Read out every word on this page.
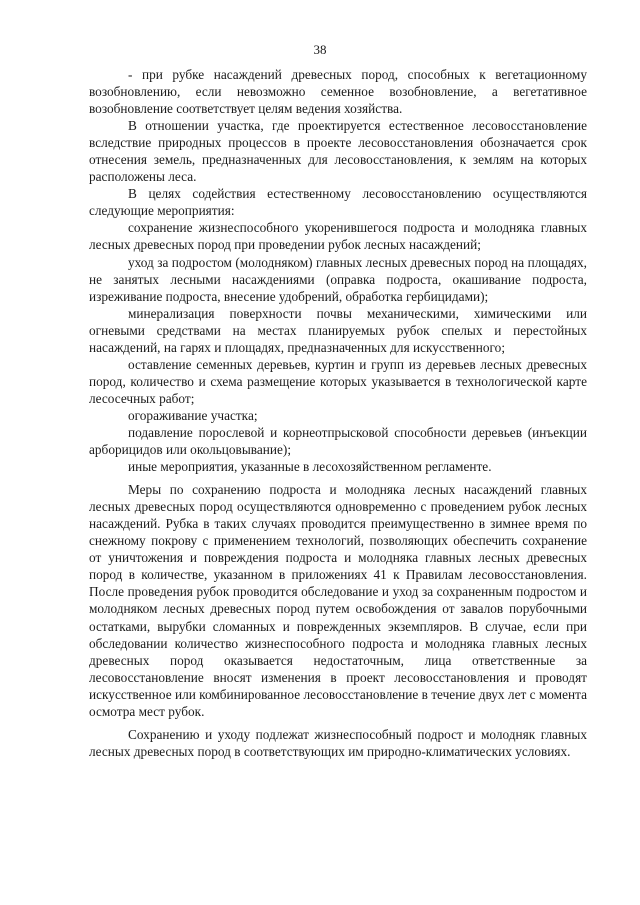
38

- при рубке насаждений древесных пород, способных к вегетационному возобновлению, если невозможно семенное возобновление, а вегетативное возобновление соответствует целям ведения хозяйства.

В отношении участка, где проектируется естественное лесовосстановление вследствие природных процессов в проекте лесовосстановления обозначается срок отнесения земель, предназначенных для лесовосстановления, к землям на которых расположены леса.

В целях содействия естественному лесовосстановлению осуществляются следующие мероприятия:

сохранение жизнеспособного укоренившегося подроста и молодняка главных лесных древесных пород при проведении рубок лесных насаждений;

уход за подростом (молодняком) главных лесных древесных пород на площадях, не занятых лесными насаждениями (оправка подроста, окашивание подроста, изреживание подроста, внесение удобрений, обработка гербицидами);

минерализация поверхности почвы механическими, химическими или огневыми средствами на местах планируемых рубок спелых и перестойных насаждений, на гарях и площадях, предназначенных для искусственного;

оставление семенных деревьев, куртин и групп из деревьев лесных древесных пород, количество и схема размещение которых указывается в технологической карте лесосечных работ;

огораживание участка;

подавление порослевой и корнеотпрысковой способности деревьев (инъекции арборицидов или окольцовывание);

иные мероприятия, указанные в лесохозяйственном регламенте.

Меры по сохранению подроста и молодняка лесных насаждений главных лесных древесных пород осуществляются одновременно с проведением рубок лесных насаждений. Рубка в таких случаях проводится преимущественно в зимнее время по снежному покрову с применением технологий, позволяющих обеспечить сохранение от уничтожения и повреждения подроста и молодняка главных лесных древесных пород в количестве, указанном в приложениях 41 к Правилам лесовосстановления. После проведения рубок проводится обследование и уход за сохраненным подростом и молодняком лесных древесных пород путем освобождения от завалов порубочными остатками, вырубки сломанных и поврежденных экземпляров. В случае, если при обследовании количество жизнеспособного подроста и молодняка главных лесных древесных пород оказывается недостаточным, лица ответственные за лесовосстановление вносят изменения в проект лесовосстановления и проводят искусственное или комбинированное лесовосстановление в течение двух лет с момента осмотра мест рубок.

Сохранению и уходу подлежат жизнеспособный подрост и молодняк главных лесных древесных пород в соответствующих им природно-климатических условиях.
